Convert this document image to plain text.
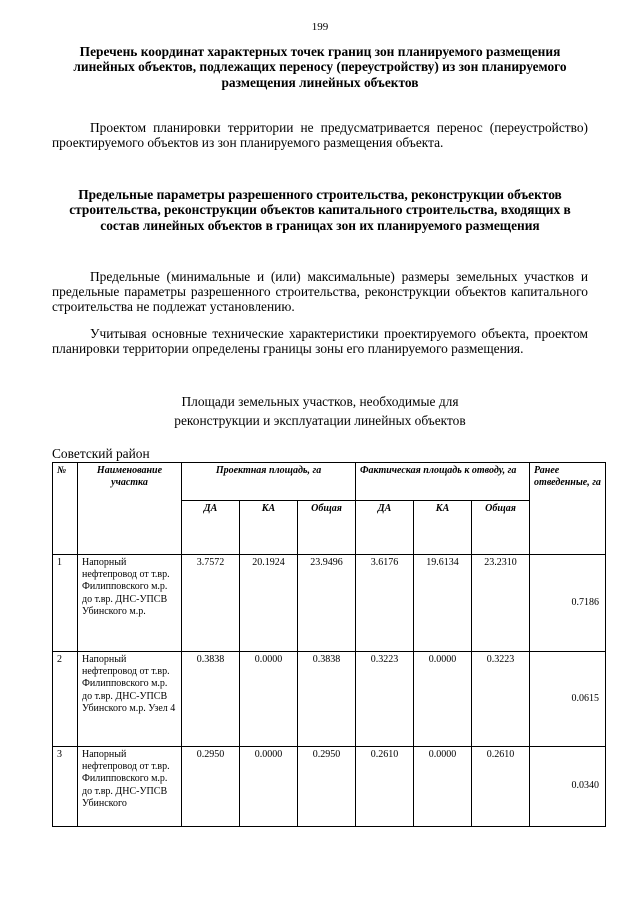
199
Перечень координат характерных точек границ зон планируемого размещения линейных объектов, подлежащих переносу (переустройству) из зон планируемого размещения линейных объектов
Проектом планировки территории не предусматривается перенос (переустройство) проектируемого объектов из зон планируемого размещения объекта.
Предельные параметры разрешенного строительства, реконструкции объектов строительства, реконструкции объектов капитального строительства, входящих в состав линейных объектов в границах зон их планируемого размещения
Предельные (минимальные и (или) максимальные) размеры земельных участков и предельные параметры разрешенного строительства, реконструкции объектов капитального строительства не подлежат установлению.
Учитывая основные технические характеристики проектируемого объекта, проектом планировки территории определены границы зоны его планируемого размещения.
Площади земельных участков, необходимые для
реконструкции и эксплуатации линейных объектов
Советский район
№	Наименование участка	Проектная площадь, га			Фактическая площадь к отводу, га			Ранее отведенные, га
		ДА	КА	Общая	ДА	КА	Общая	
1	Напорный нефтепровод от т.вр. Филипповского м.р. до т.вр. ДНС-УПСВ Убинского м.р.	3.7572	20.1924	23.9496	3.6176	19.6134	23.2310	0.7186
2	Напорный нефтепровод от т.вр. Филипповского м.р. до т.вр. ДНС-УПСВ Убинского м.р. Узел 4	0.3838	0.0000	0.3838	0.3223	0.0000	0.3223	0.0615
3	Напорный нефтепровод от т.вр. Филипповского м.р. до т.вр. ДНС-УПСВ Убинского	0.2950	0.0000	0.2950	0.2610	0.0000	0.2610	0.0340
